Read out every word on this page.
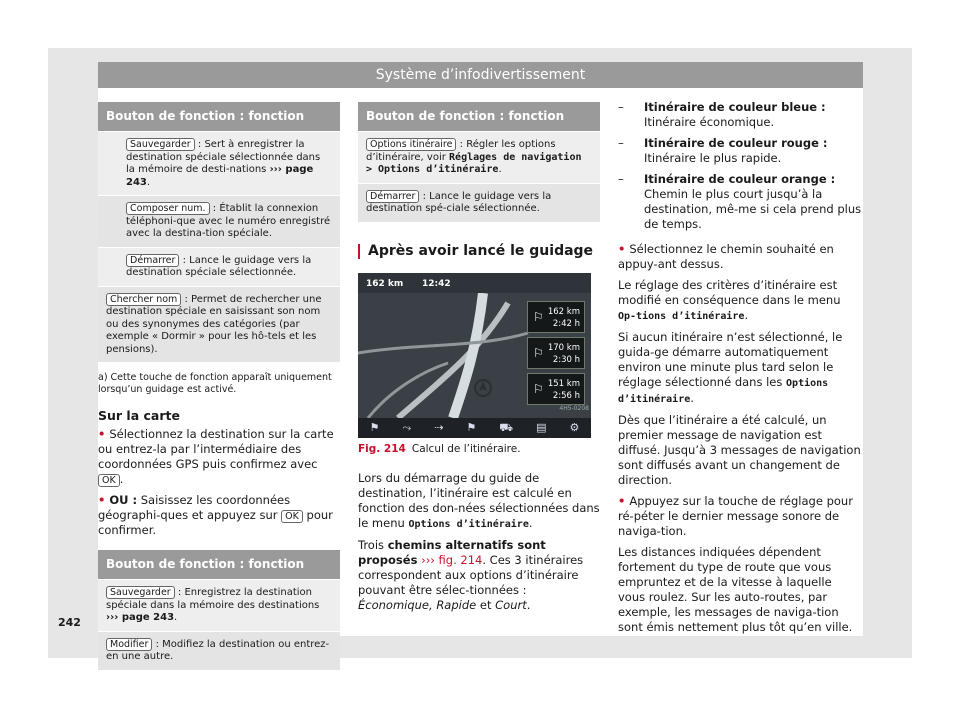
Système d’infodivertissement
Bouton de fonction : fonction
Sauvegarder : Sert à enregistrer la destination spéciale sélectionnée dans la mémoire de desti-nations ››› page 243.
Composer num. : Établit la connexion téléphoni-que avec le numéro enregistré avec la destina-tion spéciale.
Démarrer : Lance le guidage vers la destination spéciale sélectionnée.
Chercher nom : Permet de rechercher une destination spéciale en saisissant son nom ou des synonymes des catégories (par exemple « Dormir » pour les hô-tels et les pensions).
a) Cette touche de fonction apparaît uniquement lorsqu’un guidage est activé.
Sur la carte

• Sélectionnez la destination sur la carte ou entrez-la par l’intermédiaire des coordonnées GPS puis confirmez avec OK .

• OU : Saisissez les coordonnées géographi-ques et appuyez sur OK pour confirmer.

Bouton de fonction : fonction
Sauvegarder : Enregistrez la destination spéciale dans la mémoire des destinations ››› page 243.
Modifier : Modifiez la destination ou entrez-en une autre.
Bouton de fonction : fonction
Options itinéraire : Régler les options d’itinéraire, voir Réglages de navigation > Options d’itinéraire.
Démarrer : Lance le guidage vers la destination spé-ciale sélectionnée.
Après avoir lancé le guidage
162 km 12:42
⚐ 162 km
2:42 h
⚐ 170 km
2:30 h
⚐ 151 km
2:56 h
4H5-0208
⚑ ⤳ ⇢ ⚑ ⛟ ▤ ⚙
Fig. 214 Calcul de l’itinéraire.

Lors du démarrage du guide de destination, l’itinéraire est calculé en fonction des don-nées sélectionnées dans le menu Options d’itinéraire.

Trois chemins alternatifs sont proposés ››› fig. 214. Ces 3 itinéraires correspondent aux options d’itinéraire pouvant être sélec-tionnées : Économique, Rapide et Court.

– Itinéraire de couleur bleue : Itinéraire économique.
– Itinéraire de couleur rouge : Itinéraire le plus rapide.
– Itinéraire de couleur orange : Chemin le plus court jusqu’à la destination, mê-me si cela prend plus de temps.

• Sélectionnez le chemin souhaité en appuy-ant dessus.

Le réglage des critères d’itinéraire est modifié en conséquence dans le menu Op-tions d’itinéraire.

Si aucun itinéraire n’est sélectionné, le guida-ge démarre automatiquement environ une minute plus tard selon le réglage sélectionné dans les Options d’itinéraire.

Dès que l’itinéraire a été calculé, un premier message de navigation est diffusé. Jusqu’à 3 messages de navigation sont diffusés avant un changement de direction.

• Appuyez sur la touche de réglage pour ré-péter le dernier message sonore de naviga-tion.

Les distances indiquées dépendent fortement du type de route que vous empruntez et de la vitesse à laquelle vous roulez. Sur les auto-routes, par exemple, les messages de naviga-tion sont émis nettement plus tôt qu’en ville.

242
